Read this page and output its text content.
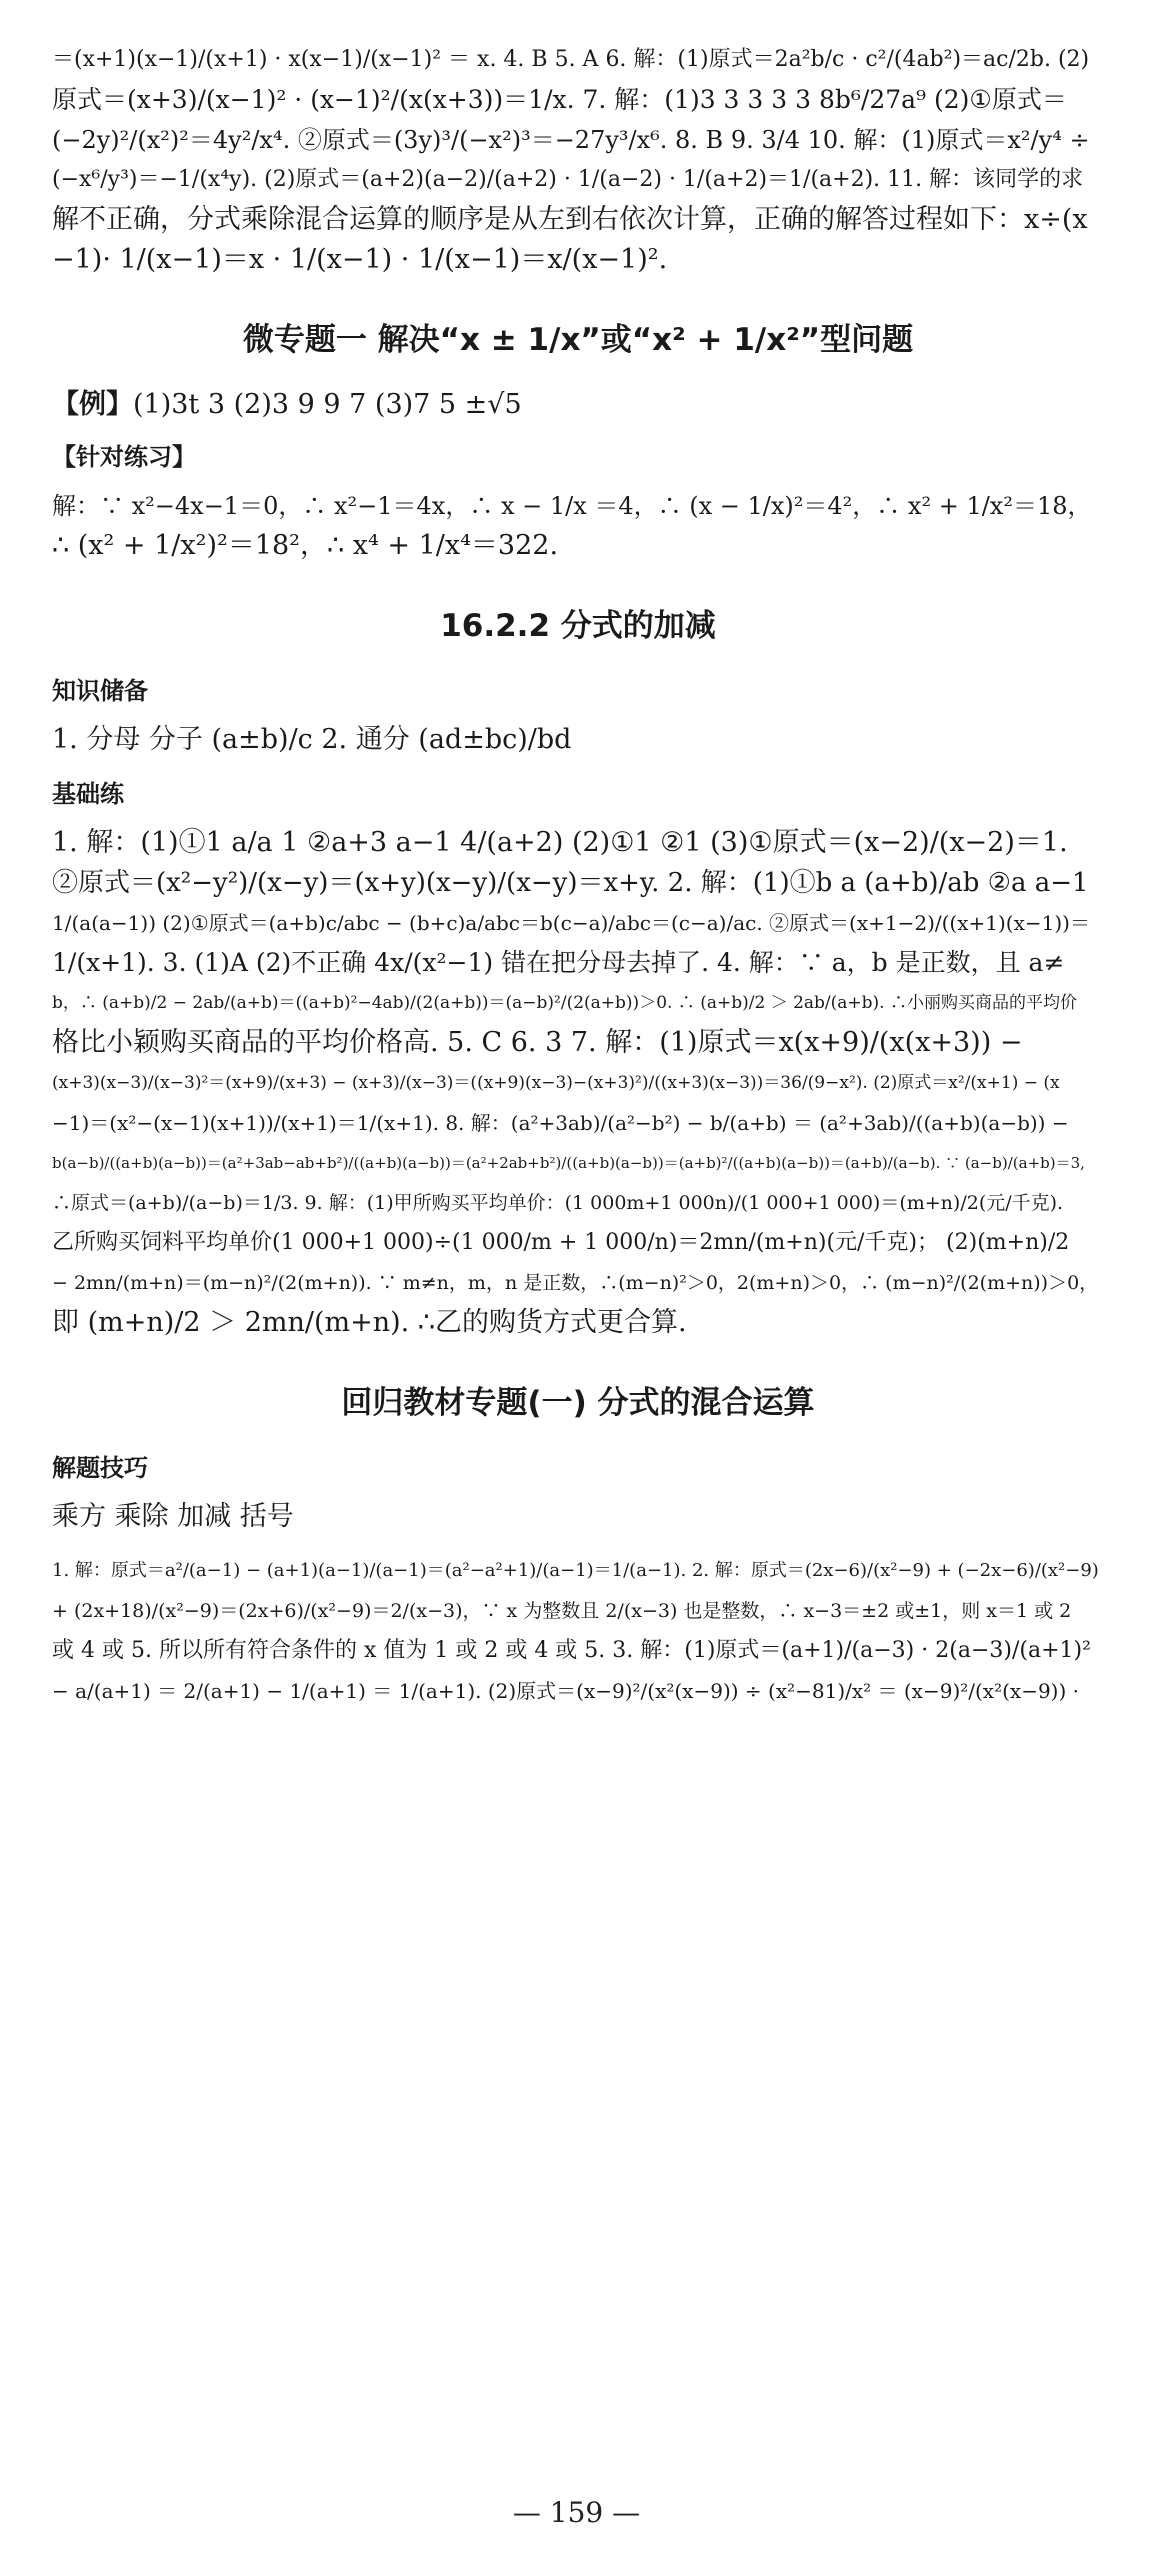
＝(x+1)(x−1)/(x+1) · x(x−1)/(x−1)² ＝ x. 4. B 5. A 6. 解：(1)原式＝2a²b/c · c²/(4ab²)＝ac/2b. (2)
原式＝(x+3)/(x−1)² · (x−1)²/(x(x+3))＝1/x. 7. 解：(1)3 3 3 3 3 8b⁶/27a⁹ (2)①原式＝
(−2y)²/(x²)²＝4y²/x⁴. ②原式＝(3y)³/(−x²)³＝−27y³/x⁶. 8. B 9. 3/4 10. 解：(1)原式＝x²/y⁴ ÷
(−x⁶/y³)＝−1/(x⁴y). (2)原式＝(a+2)(a−2)/(a+2) · 1/(a−2) · 1/(a+2)＝1/(a+2). 11. 解：该同学的求
解不正确，分式乘除混合运算的顺序是从左到右依次计算，正确的解答过程如下：x÷(x
−1)· 1/(x−1)＝x · 1/(x−1) · 1/(x−1)＝x/(x−1)².
微专题一 解决“x ± 1/x”或“x² + 1/x²”型问题
【例】(1)3t 3 (2)3 9 9 7 (3)7 5 ±√5
【针对练习】
解：∵ x²−4x−1＝0，∴ x²−1＝4x，∴ x − 1/x ＝4，∴ (x − 1/x)²＝4²，∴ x² + 1/x²＝18，
∴ (x² + 1/x²)²＝18²，∴ x⁴ + 1/x⁴＝322.
16.2.2 分式的加减
知识储备
1. 分母 分子 (a±b)/c 2. 通分 (ad±bc)/bd
基础练
1. 解：(1)①1 a/a 1 ②a+3 a−1 4/(a+2) (2)①1 ②1 (3)①原式＝(x−2)/(x−2)＝1.
②原式＝(x²−y²)/(x−y)＝(x+y)(x−y)/(x−y)＝x+y. 2. 解：(1)①b a (a+b)/ab ②a a−1
1/(a(a−1)) (2)①原式＝(a+b)c/abc − (b+c)a/abc＝b(c−a)/abc＝(c−a)/ac. ②原式＝(x+1−2)/((x+1)(x−1))＝
1/(x+1). 3. (1)A (2)不正确 4x/(x²−1) 错在把分母去掉了. 4. 解：∵ a，b 是正数，且 a≠
b，∴ (a+b)/2 − 2ab/(a+b)＝((a+b)²−4ab)/(2(a+b))＝(a−b)²/(2(a+b))＞0. ∴ (a+b)/2 ＞ 2ab/(a+b). ∴小丽购买商品的平均价
格比小颖购买商品的平均价格高. 5. C 6. 3 7. 解：(1)原式＝x(x+9)/(x(x+3)) −
(x+3)(x−3)/(x−3)²＝(x+9)/(x+3) − (x+3)/(x−3)＝((x+9)(x−3)−(x+3)²)/((x+3)(x−3))＝36/(9−x²). (2)原式＝x²/(x+1) − (x
−1)＝(x²−(x−1)(x+1))/(x+1)＝1/(x+1). 8. 解：(a²+3ab)/(a²−b²) − b/(a+b) ＝ (a²+3ab)/((a+b)(a−b)) −
b(a−b)/((a+b)(a−b))＝(a²+3ab−ab+b²)/((a+b)(a−b))＝(a²+2ab+b²)/((a+b)(a−b))＝(a+b)²/((a+b)(a−b))＝(a+b)/(a−b). ∵ (a−b)/(a+b)＝3,
∴原式＝(a+b)/(a−b)＝1/3. 9. 解：(1)甲所购买平均单价：(1 000m+1 000n)/(1 000+1 000)＝(m+n)/2(元/千克).
乙所购买饲料平均单价(1 000+1 000)÷(1 000/m + 1 000/n)＝2mn/(m+n)(元/千克)； (2)(m+n)/2
− 2mn/(m+n)＝(m−n)²/(2(m+n)). ∵ m≠n，m，n 是正数，∴(m−n)²＞0，2(m+n)＞0，∴ (m−n)²/(2(m+n))＞0，
即 (m+n)/2 ＞ 2mn/(m+n). ∴乙的购货方式更合算.
回归教材专题(一) 分式的混合运算
解题技巧
乘方 乘除 加减 括号
1. 解：原式＝a²/(a−1) − (a+1)(a−1)/(a−1)＝(a²−a²+1)/(a−1)＝1/(a−1). 2. 解：原式＝(2x−6)/(x²−9) + (−2x−6)/(x²−9)
+ (2x+18)/(x²−9)＝(2x+6)/(x²−9)＝2/(x−3)，∵ x 为整数且 2/(x−3) 也是整数，∴ x−3＝±2 或±1，则 x＝1 或 2
或 4 或 5. 所以所有符合条件的 x 值为 1 或 2 或 4 或 5. 3. 解：(1)原式＝(a+1)/(a−3) · 2(a−3)/(a+1)²
− a/(a+1) ＝ 2/(a+1) − 1/(a+1) ＝ 1/(a+1). (2)原式＝(x−9)²/(x²(x−9)) ÷ (x²−81)/x² ＝ (x−9)²/(x²(x−9)) ·
— 159 —
